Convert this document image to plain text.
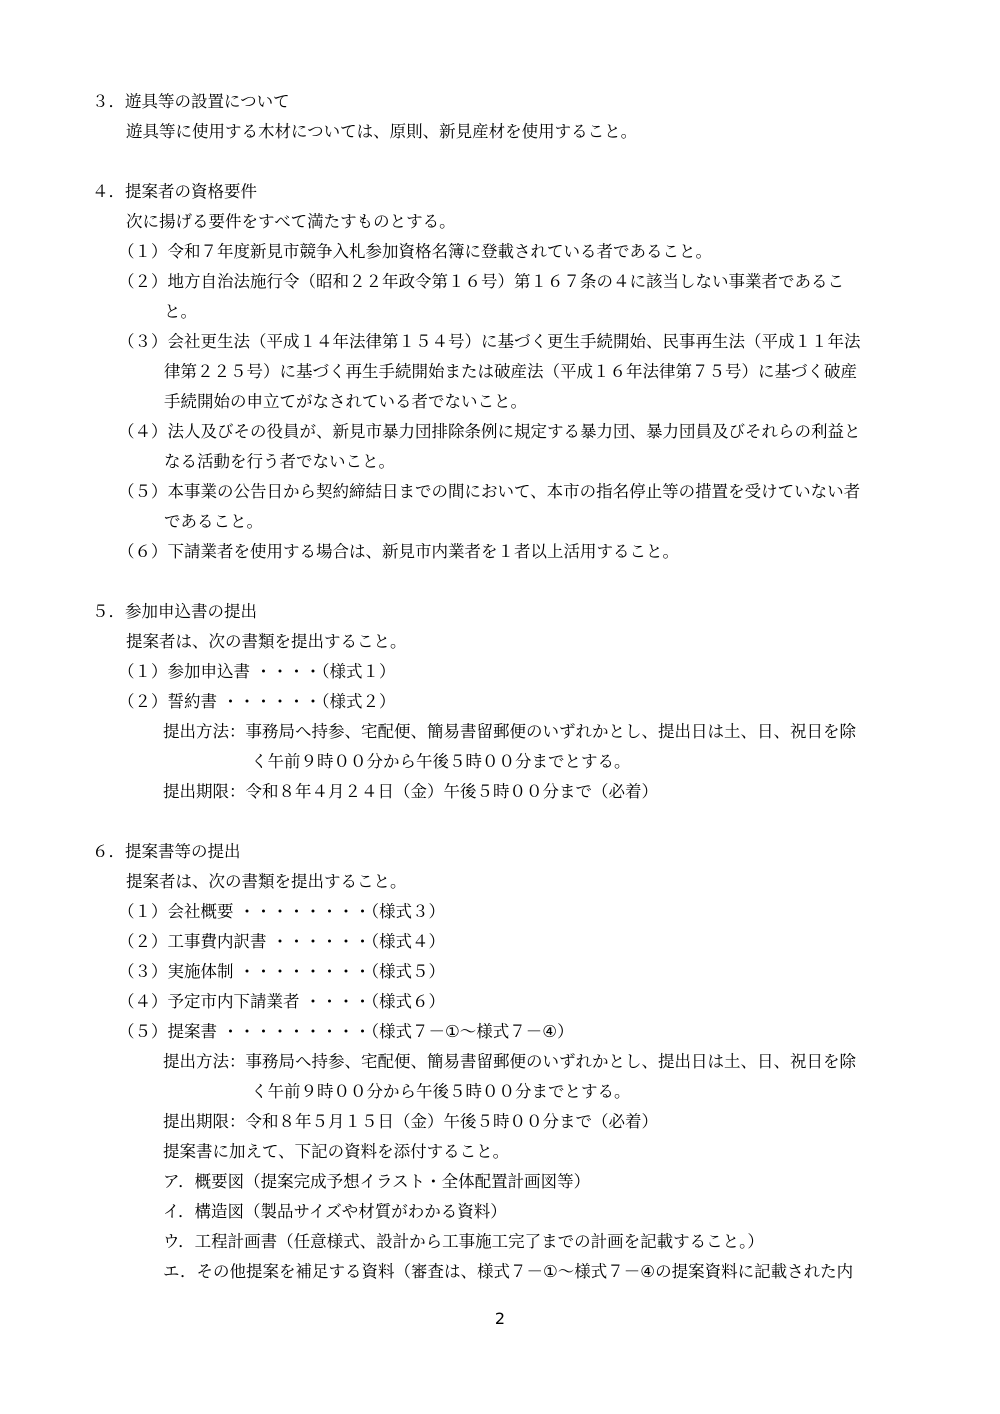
３．遊具等の設置について
遊具等に使用する木材については、原則、新見産材を使用すること。
４．提案者の資格要件
次に揚げる要件をすべて満たすものとする。
（１）令和７年度新見市競争入札参加資格名簿に登載されている者であること。
（２）地方自治法施行令（昭和２２年政令第１６号）第１６７条の４に該当しない事業者であるこ
と。
（３）会社更生法（平成１４年法律第１５４号）に基づく更生手続開始、民事再生法（平成１１年法
律第２２５号）に基づく再生手続開始または破産法（平成１６年法律第７５号）に基づく破産
手続開始の申立てがなされている者でないこと。
（４）法人及びその役員が、新見市暴力団排除条例に規定する暴力団、暴力団員及びそれらの利益と
なる活動を行う者でないこと。
（５）本事業の公告日から契約締結日までの間において、本市の指名停止等の措置を受けていない者
であること。
（６）下請業者を使用する場合は、新見市内業者を１者以上活用すること。
５．参加申込書の提出
提案者は、次の書類を提出すること。
（１）参加申込書 ・・・・（様式１）
（２）誓約書 ・・・・・・（様式２）
提出方法：事務局へ持参、宅配便、簡易書留郵便のいずれかとし、提出日は土、日、祝日を除
く午前９時００分から午後５時００分までとする。
提出期限：令和８年４月２４日（金）午後５時００分まで（必着）
６．提案書等の提出
提案者は、次の書類を提出すること。
（１）会社概要 ・・・・・・・・（様式３）
（２）工事費内訳書 ・・・・・・（様式４）
（３）実施体制 ・・・・・・・・（様式５）
（４）予定市内下請業者 ・・・・（様式６）
（５）提案書 ・・・・・・・・・（様式７－①～様式７－④）
提出方法：事務局へ持参、宅配便、簡易書留郵便のいずれかとし、提出日は土、日、祝日を除
く午前９時００分から午後５時００分までとする。
提出期限：令和８年５月１５日（金）午後５時００分まで（必着）
提案書に加えて、下記の資料を添付すること。
ア．概要図（提案完成予想イラスト・全体配置計画図等）
イ．構造図（製品サイズや材質がわかる資料）
ウ．工程計画書（任意様式、設計から工事施工完了までの計画を記載すること。）
エ．その他提案を補足する資料（審査は、様式７－①～様式７－④の提案資料に記載された内
2
